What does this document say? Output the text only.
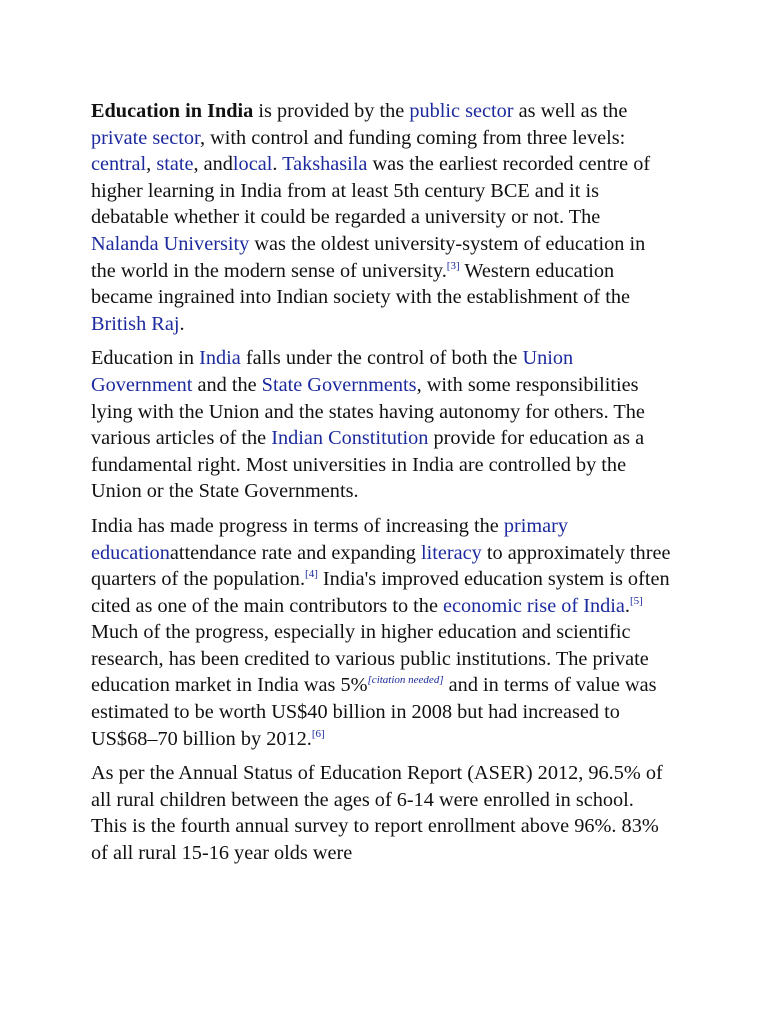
Education in India is provided by the public sector as well as the private sector, with control and funding coming from three levels: central, state, andlocal. Takshasila was the earliest recorded centre of higher learning in India from at least 5th century BCE and it is debatable whether it could be regarded a university or not. The Nalanda University was the oldest university-system of education in the world in the modern sense of university.[3] Western education became ingrained into Indian society with the establishment of the British Raj.

Education in India falls under the control of both the Union Government and the State Governments, with some responsibilities lying with the Union and the states having autonomy for others. The various articles of the Indian Constitution provide for education as a fundamental right. Most universities in India are controlled by the Union or the State Governments.

India has made progress in terms of increasing the primary educationattendance rate and expanding literacy to approximately three quarters of the population.[4] India's improved education system is often cited as one of the main contributors to the economic rise of India.[5] Much of the progress, especially in higher education and scientific research, has been credited to various public institutions. The private education market in India was 5%[citation needed] and in terms of value was estimated to be worth US$40 billion in 2008 but had increased to US$68–70 billion by 2012.[6]

As per the Annual Status of Education Report (ASER) 2012, 96.5% of all rural children between the ages of 6-14 were enrolled in school. This is the fourth annual survey to report enrollment above 96%. 83% of all rural 15-16 year olds were
